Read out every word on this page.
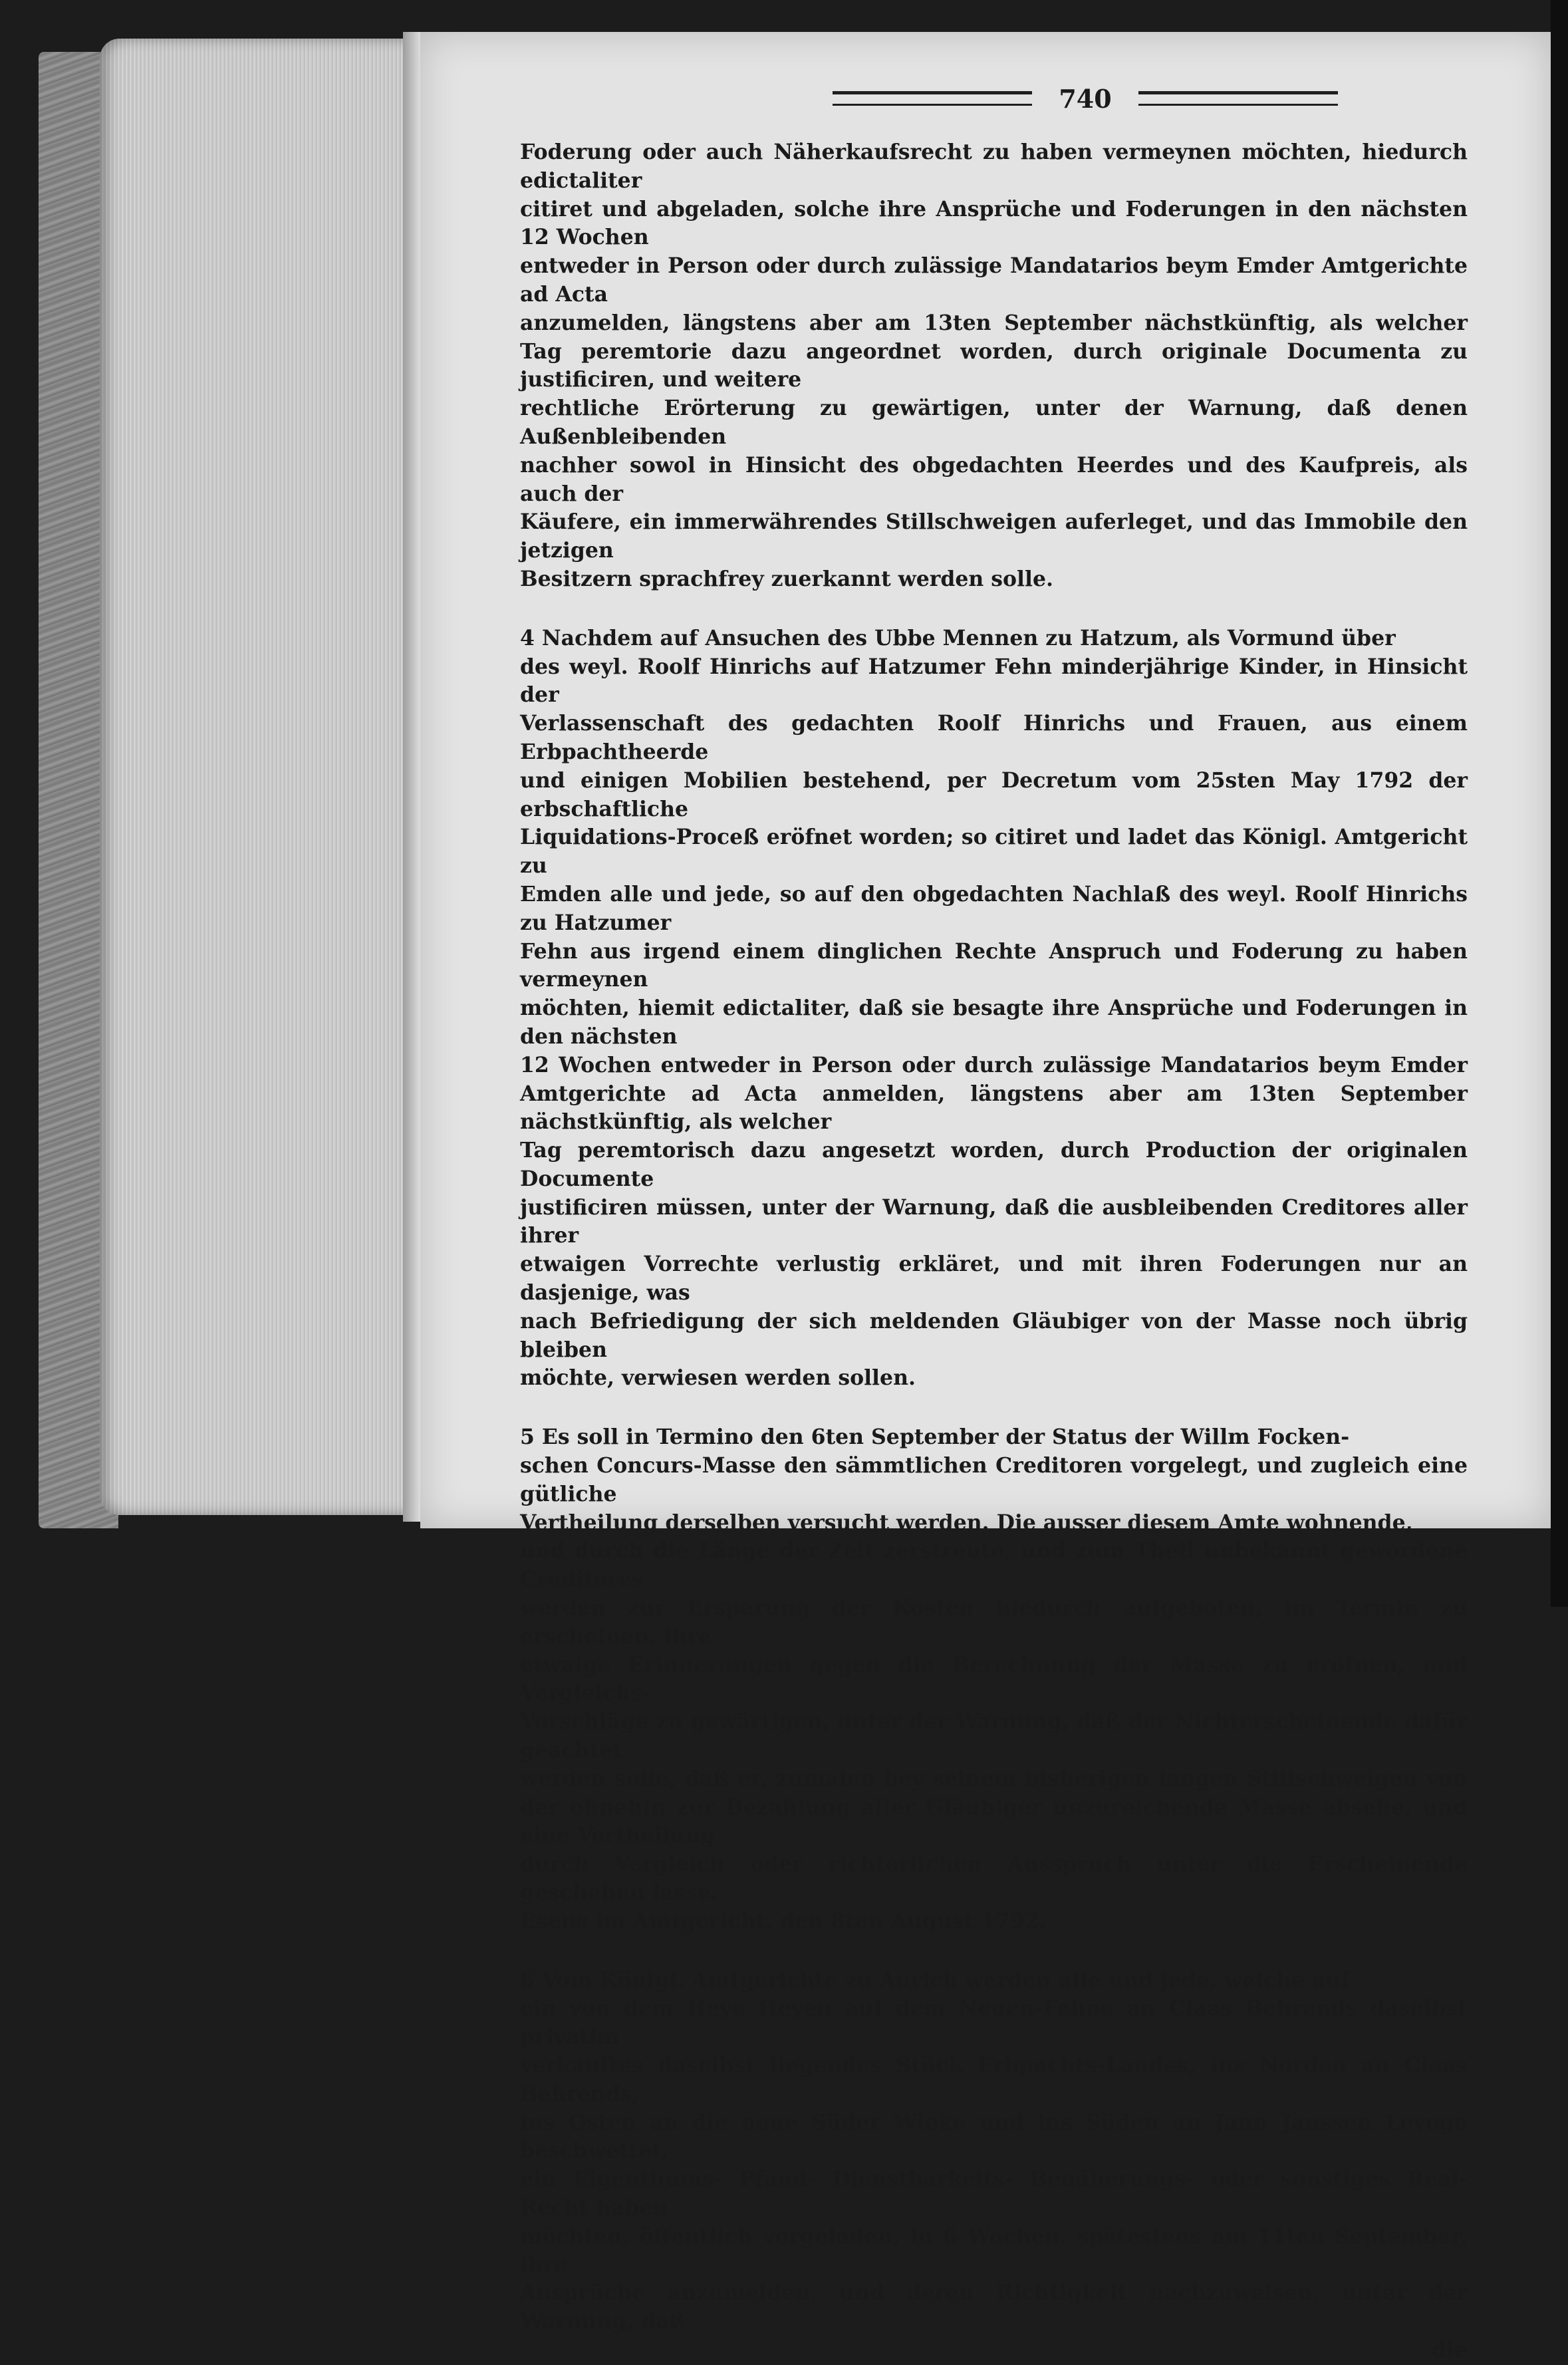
740

Foderung oder auch Näherkaufsrecht zu haben vermeynen möchten, hiedurch edictaliter
citiret und abgeladen, solche ihre Ansprüche und Foderungen in den nächsten 12 Wochen
entweder in Person oder durch zulässige Mandatarios beym Emder Amtgerichte ad Acta
anzumelden, längstens aber am 13ten September nächstkünftig, als welcher Tag peremtorie dazu angeordnet worden, durch originale Documenta zu justificiren, und weitere
rechtliche Erörterung zu gewärtigen, unter der Warnung, daß denen Außenbleibenden
nachher sowol in Hinsicht des obgedachten Heerdes und des Kaufpreis, als auch der
Käufere, ein immerwährendes Stillschweigen auferleget, und das Immobile den jetzigen
Besitzern sprachfrey zuerkannt werden solle.

4 Nachdem auf Ansuchen des Ubbe Mennen zu Hatzum, als Vormund über
des weyl. Roolf Hinrichs auf Hatzumer Fehn minderjährige Kinder, in Hinsicht der
Verlassenschaft des gedachten Roolf Hinrichs und Frauen, aus einem Erbpachtheerde
und einigen Mobilien bestehend, per Decretum vom 25sten May 1792 der erbschaftliche
Liquidations-Proceß eröfnet worden; so citiret und ladet das Königl. Amtgericht zu
Emden alle und jede, so auf den obgedachten Nachlaß des weyl. Roolf Hinrichs zu Hatzumer
Fehn aus irgend einem dinglichen Rechte Anspruch und Foderung zu haben vermeynen
möchten, hiemit edictaliter, daß sie besagte ihre Ansprüche und Foderungen in den nächsten
12 Wochen entweder in Person oder durch zulässige Mandatarios beym Emder Amtgerichte ad Acta anmelden, längstens aber am 13ten September nächstkünftig, als welcher
Tag peremtorisch dazu angesetzt worden, durch Production der originalen Documente
justificiren müssen, unter der Warnung, daß die ausbleibenden Creditores aller ihrer
etwaigen Vorrechte verlustig erkläret, und mit ihren Foderungen nur an dasjenige, was
nach Befriedigung der sich meldenden Gläubiger von der Masse noch übrig bleiben
möchte, verwiesen werden sollen.

5 Es soll in Termino den 6ten September der Status der Willm Focken-
schen Concurs-Masse den sämmtlichen Creditoren vorgelegt, und zugleich eine gütliche
Vertheilung derselben versucht werden. Die ausser diesem Amte wohnende,
und durch die Länge der Zeit zerstreute, und zum Theil unbekannt gewordene Creditores
werden zur Ersparung der Kosten hiedurch aufgeboten, im Termin zu erscheinen, ihre
etwaige Erinnerungen gegen die Berechnung der Masse zu eröfnen, und Vergleichs-
Vorschläge zu gewärtigen, unter der Warnung, daß der Nichterscheinende dafür geachtet
werden solle, daß er, zumalen bey seinem bisherigen langen Stillschweigen von der ohnehin zur Bezahlung aller Gläubiger unzureichende Masse absehe, und eine Vertheilung
durch Vergleich oder richterlichen Ausspruch unter die Erscheinende geschehen lasse.
Esens im Amtgericht, den 8ten August 1792.

6 Vom Königl. Amtgerichte zu Aurich werden alle und jede, welche auf
ein von dem Heye Heyen auf dem Neuen-Fehne an Claas Behrends daselbst privatim
verkauftes daselbst liegendes Stück Erbpachts-Landes, ins Norden an Claas Behrends,
ins Osten an die neue Süder Wieke und ins Süden an Jann Janssen Levoge beschwettet,
ein Eigenthums- Pfand- Dienstbarkeits- Benäherungs- oder sonstiges Real-Recht haben
möchten, öffentlich vorgeladen, in 6 Wochen, spätestens am 11ten September, ihre
Ansprüche anzumelden, und deren Richtigkeit nachzuweisen, unter der Warnung, daß

die
